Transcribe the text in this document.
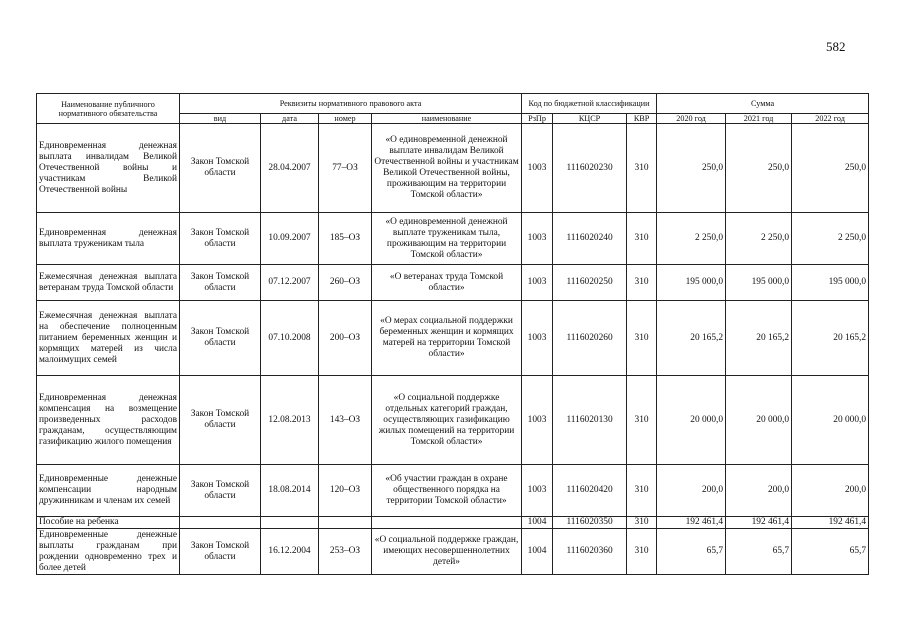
582
Наименование публичного нормативного обязательства	Реквизиты нормативного правового акта				Код по бюджетной классификации			Сумма		
	вид	дата	номер	наименование	РзПр	КЦСР	КВР	2020 год	2021 год	2022 год
Единовременная денежная выплата инвалидам Великой Отечественной войны и участникам Великой Отечественной войны	Закон Томской области	28.04.2007	77–ОЗ	«О единовременной денежной выплате инвалидам Великой Отечественной войны и участникам Великой Отечественной войны, проживающим на территории Томской области»	1003	1116020230	310	250,0	250,0	250,0
Единовременная денежная выплата труженикам тыла	Закон Томской области	10.09.2007	185–ОЗ	«О единовременной денежной выплате труженикам тыла, проживающим на территории Томской области»	1003	1116020240	310	2 250,0	2 250,0	2 250,0
Ежемесячная денежная выплата ветеранам труда Томской области	Закон Томской области	07.12.2007	260–ОЗ	«О ветеранах труда Томской области»	1003	1116020250	310	195 000,0	195 000,0	195 000,0
Ежемесячная денежная выплата на обеспечение полноценным питанием беременных женщин и кормящих матерей из числа малоимущих семей	Закон Томской области	07.10.2008	200–ОЗ	«О мерах социальной поддержки беременных женщин и кормящих матерей на территории Томской области»	1003	1116020260	310	20 165,2	20 165,2	20 165,2
Единовременная денежная компенсация на возмещение произведенных расходов гражданам, осуществляющим газификацию жилого помещения	Закон Томской области	12.08.2013	143–ОЗ	«О социальной поддержке отдельных категорий граждан, осуществляющих газификацию жилых помещений на территории Томской области»	1003	1116020130	310	20 000,0	20 000,0	20 000,0
Единовременные денежные компенсации народным дружинникам и членам их семей	Закон Томской области	18.08.2014	120–ОЗ	«Об участии граждан в охране общественного порядка на территории Томской области»	1003	1116020420	310	200,0	200,0	200,0
Пособие на ребенка					1004	1116020350	310	192 461,4	192 461,4	192 461,4
Единовременные денежные выплаты гражданам при рождении одновременно трех и более детей	Закон Томской области	16.12.2004	253–ОЗ	«О социальной поддержке граждан, имеющих несовершеннолетних детей»	1004	1116020360	310	65,7	65,7	65,7
